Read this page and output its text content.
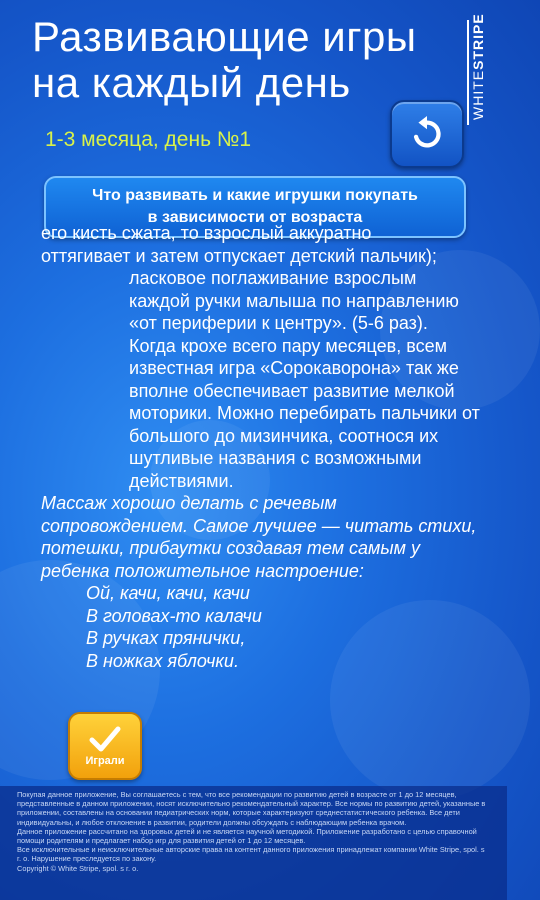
Развивающие игры на каждый день	WHITESTRIPE
1-3 месяца, день №1
Что развивать и какие игрушки покупать
в зависимости от возраста

его кисть сжата, то взрослый аккуратно

оттягивает и затем отпускает детский пальчик);

ласковое поглаживание взрослым каждой ручки малыша по направлению «от периферии к центру». (5-6 раз).

Когда крохе всего пару месяцев, всем известная игра «Сорокаворона» так же вполне обеспечивает развитие мелкой моторики. Можно перебирать пальчики от большого до мизинчика, соотнося их шутливые названия с возможными действиями.

Массаж хорошо делать с речевым сопровождением. Самое лучшее — читать стихи, потешки, прибаутки создавая тем самым у ребенка положительное настроение:

Ой, качи, качи, качи

В головах-то калачи

В ручках прянички,

В ножках яблочки.

Играли
Покупая данное приложение, Вы соглашаетесь с тем, что все рекомендации по развитию детей в возрасте от 1 до 12 месяцев, представленные в данном приложении, носят исключительно рекомендательный характер. Все нормы по развитию детей, указанные в приложении, составлены на основании педиатрических норм, которые характеризуют среднестатистического ребенка. Все дети индивидуальны, и любое отклонение в развитии, родители должны обсуждать с наблюдающим ребенка врачом.
Данное приложение рассчитано на здоровых детей и не является научной методикой. Приложение разработано с целью справочной помощи родителям и предлагает набор игр для развития детей от 1 до 12 месяцев.
Все исключительные и неисключительные авторские права на контент данного приложения принадлежат компании White Stripe, spol. s r. o. Нарушение преследуется по закону.
Copyright © White Stripe, spol. s r. o.
